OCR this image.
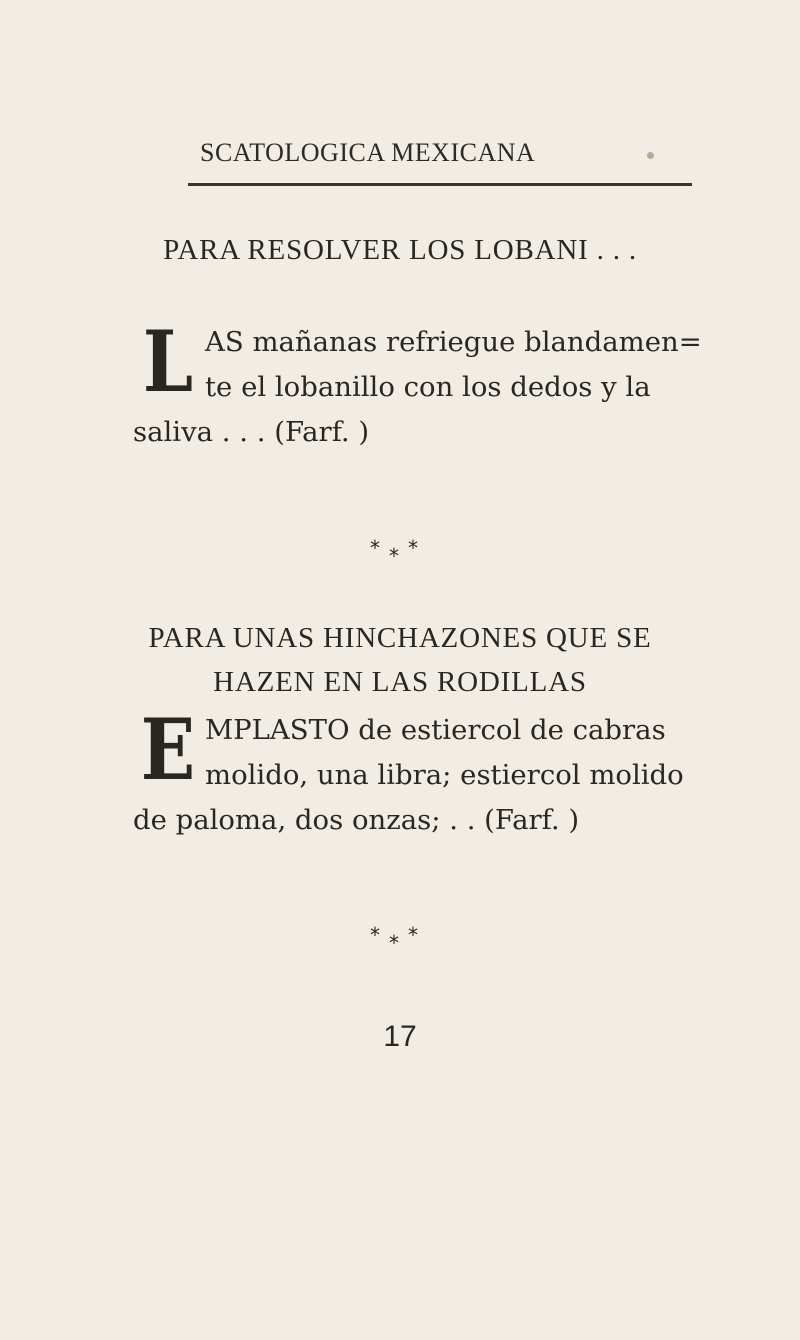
SCATOLOGICA MEXICANA
PARA RESOLVER LOS LOBANI . . .
L AS mañanas refriegue blandamen=
te el lobanillo con los dedos y la
saliva . . . (Farf. )
* * *
PARA UNAS HINCHAZONES QUE SE
HAZEN EN LAS RODILLAS
E MPLASTO de estiercol de cabras
molido, una libra; estiercol molido
de paloma, dos onzas; . . (Farf. )
* * *
17
